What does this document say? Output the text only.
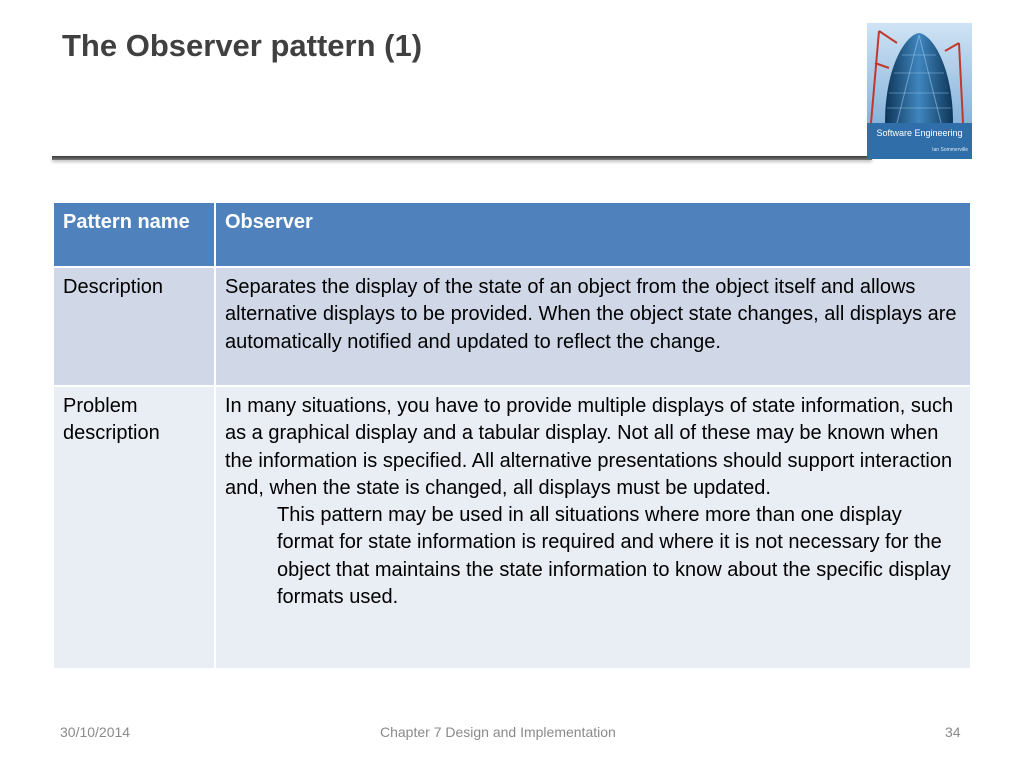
The Observer pattern (1)
Software Engineering
Ian Sommerville
Pattern name	Observer
Description	Separates the display of the state of an object from the object itself and allows alternative displays to be provided. When the object state changes, all displays are automatically notified and updated to reflect the change.
Problem description	In many situations, you have to provide multiple displays of state information, such as a graphical display and a tabular display. Not all of these may be known when the information is specified. All alternative presentations should support interaction and, when the state is changed, all displays must be updated.
This pattern may be used in all situations where more than one display format for state information is required and where it is not necessary for the object that maintains the state information to know about the specific display formats used.
30/10/2014	Chapter 7 Design and Implementation	34
